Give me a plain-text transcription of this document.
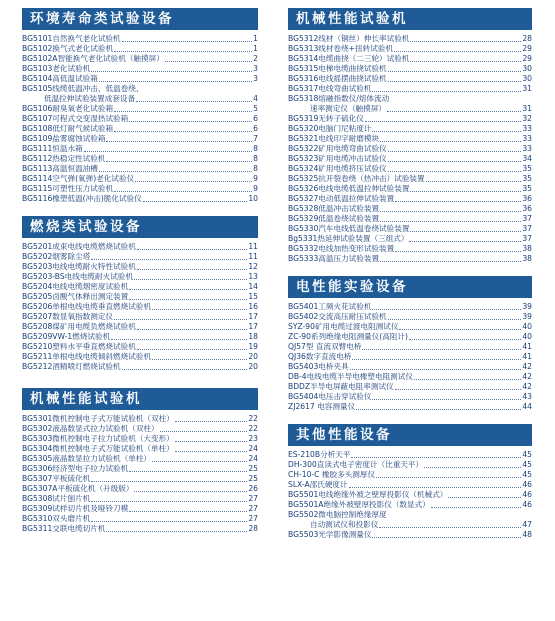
环境寿命类试验设备
BG5101自然换气老化试验机	1
BG5102换气式老化试验机	1
BG5102A智能换气老化试验机（触摸屏）	2
BG5103老化试验机	3
BG5104高低温试验箱	3
BG5105线缆低温冲击、低温卷绕、
低温拉伸试验装置成套设备	4
BG5106耐臭氧老化试验箱	5
BG5107可程式交变湿热试验箱	6
BG5108低灯耐气候试验箱	6
BG5109盐雾腐蚀试验箱	7
BG5111恒温水箱	8
BG5112热稳定性试验机	8
BG5113高温恒温油槽	8
BG5114空气弹(氧弹)老化试验仪	9
BG5115可塑性压力试验机	9
BG5116橡塑低温(冲击)脆化试验仪	10
燃烧类试验设备
BG5201成束电线电缆燃烧试验机	11
BG5202烟雾除尘塔	11
BG5203电线电缆耐火特性试验机	12
BG5203-BS电线电缆耐火试验机	13
BG5204电线电缆烟密度试验机	14
BG5205卤酸气体释出测定装置	15
BG5206单根电线电缆垂直燃烧试验机	16
BG5207数显氧指数测定仪	17
BG5208煤矿用电缆负燃烧试验机	17
BG5209VW-1燃烧试验机	18
BG5210塑料水平垂直燃烧试验机	19
BG5211单根电线电缆倾斜燃烧试验机	20
BG5212酒精喷灯燃烧试验机	20
机械性能试验机
BG5301微机控制电子式万能试验机（双柱）	22
BG5302液晶数显式拉力试验机（双柱）	22
BG5303微机控制电子拉力试验机（大变形）	23
BG5304微机控制电子式万能试验机（单柱）	24
BG5305液晶数显拉力试验机（单柱）	24
BG5306经济型电子拉力试验机	25
BG5307平板硫化机	25
BG5307A平板硫化机（升级版）	26
BG5308试片刨片机	27
BG5309试样切片机及哑铃刀模	27
BG5310双头磨片机	27
BG5311交联电缆切片机	28
机械性能试验机
BG5312线材（铜丝）伸长率试验机	28
BG5313线材卷绕+扭转试验机	29
BG5314电缆曲挠（二三轮）试验机	29
BG5315电梯电缆曲挠试验机	30
BG5316电线摇摆曲挠试验机	30
BG5317电线弯曲试验机	31
BG5318熔融指数仪/熔体流动
速率测定仪（触摸屏）	31
BG5319无转子硫化仪	32
BG5320电脑门尼粘度计	33
BG5321电线印字耐磨模块	33
BG5322矿用电缆弯曲试验仪	33
BG5323矿用电缆冲击试验仪	34
BG5324矿用电缆挤压试验仪	35
BG5325抗开裂卷绕（热冲击）试验装置	35
BG5326电线电缆低温拉伸试验装置	35
BG5327电动低温拉伸试验装置	36
BG5328低温冲击试验装置	36
BG5329低温卷绕试验装置	37
BG5330汽车电线低温卷绕试验装置	37
Bg5331热延伸试验装置（三组式）	37
BG5332电线加热变形试验装置	38
BG5333高温压力试验装置	38
电性能实验设备
BG5401工频火花试验机	39
BG5402交流高压耐压试验机	39
SYZ-90矿用电缆过渡电阻测试仪	40
ZC-90系列绝缘电阻测量仪(高阻计)	40
QJ57型 直流双臂电桥	41
QJ36数字直流电桥	41
BG5403电桥夹具	42
DB-4电线电缆半导电橡塑电阻测试仪	42
BDDZ半导电屏蔽电阻率测试仪	42
BG5404电压击穿试验仪	43
ZJ2617 电容测量仪	44
其他性能设备
ES-210B分析天平	45
DH-300直读式电子密度计（比重天平）	45
CH-10-C 橡胶多头测厚仪	45
SLX-A邵氏硬度计	46
BG5501电线绝缘外被之壁厚投影仪（机械式）	46
BG5501A绝缘外被壁厚投影仪（数显式）	46
BG5502微电脑控制绝缘厚度
自动测试仪和投影仪	47
BG5503光学影像测量仪	48
